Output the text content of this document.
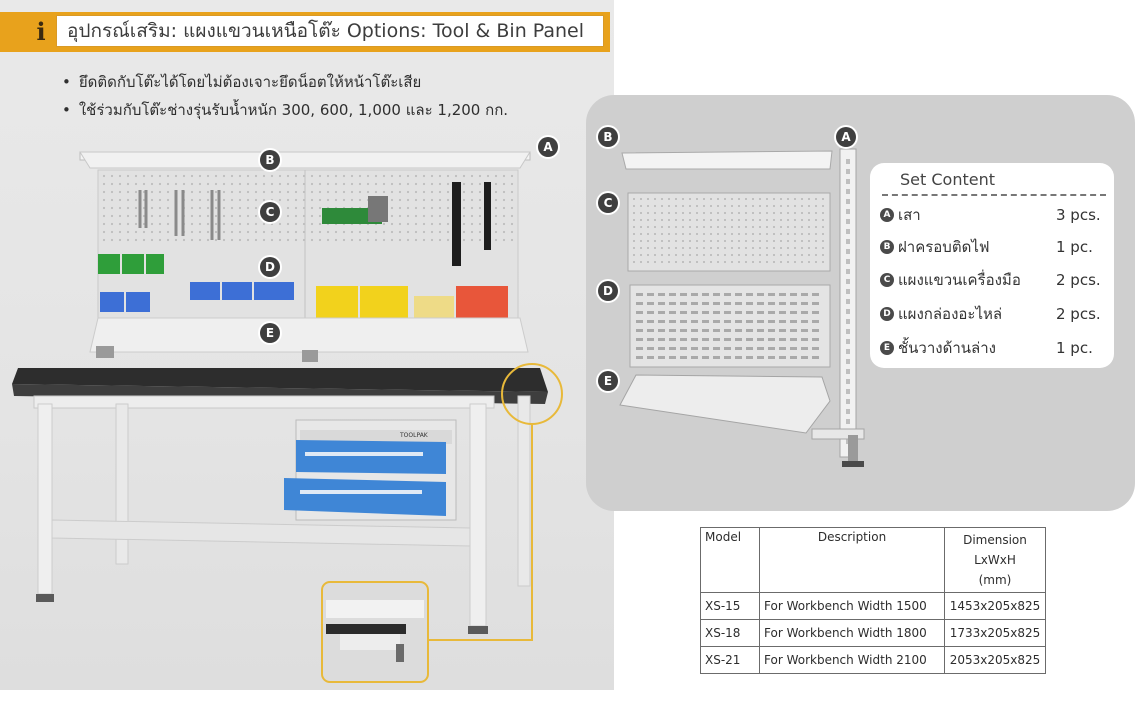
TOOLPAK
i	อุปกรณ์เสริม: แผงแขวนเหนือโต๊ะ Options: Tool & Bin Panel
• ยึดติดกับโต๊ะได้โดยไม่ต้องเจาะยึดน็อตให้หน้าโต๊ะเสีย
• ใช้ร่วมกับโต๊ะช่างรุ่นรับน้ำหนัก 300, 600, 1,000 และ 1,200 กก.
A
B
C
D
E
A
B
C
D
E
Set Content
A เสา	3 pcs.
B ฝาครอบติดไฟ	1 pc.
C แผงแขวนเครื่องมือ	2 pcs.
D แผงกล่องอะไหล่	2 pcs.
E ชั้นวางด้านล่าง	1 pc.
Model	Description	Dimension
LxWxH
(mm)

XS-15	For Workbench Width 1500	1453x205x825
XS-18	For Workbench Width 1800	1733x205x825
XS-21	For Workbench Width 2100	2053x205x825
